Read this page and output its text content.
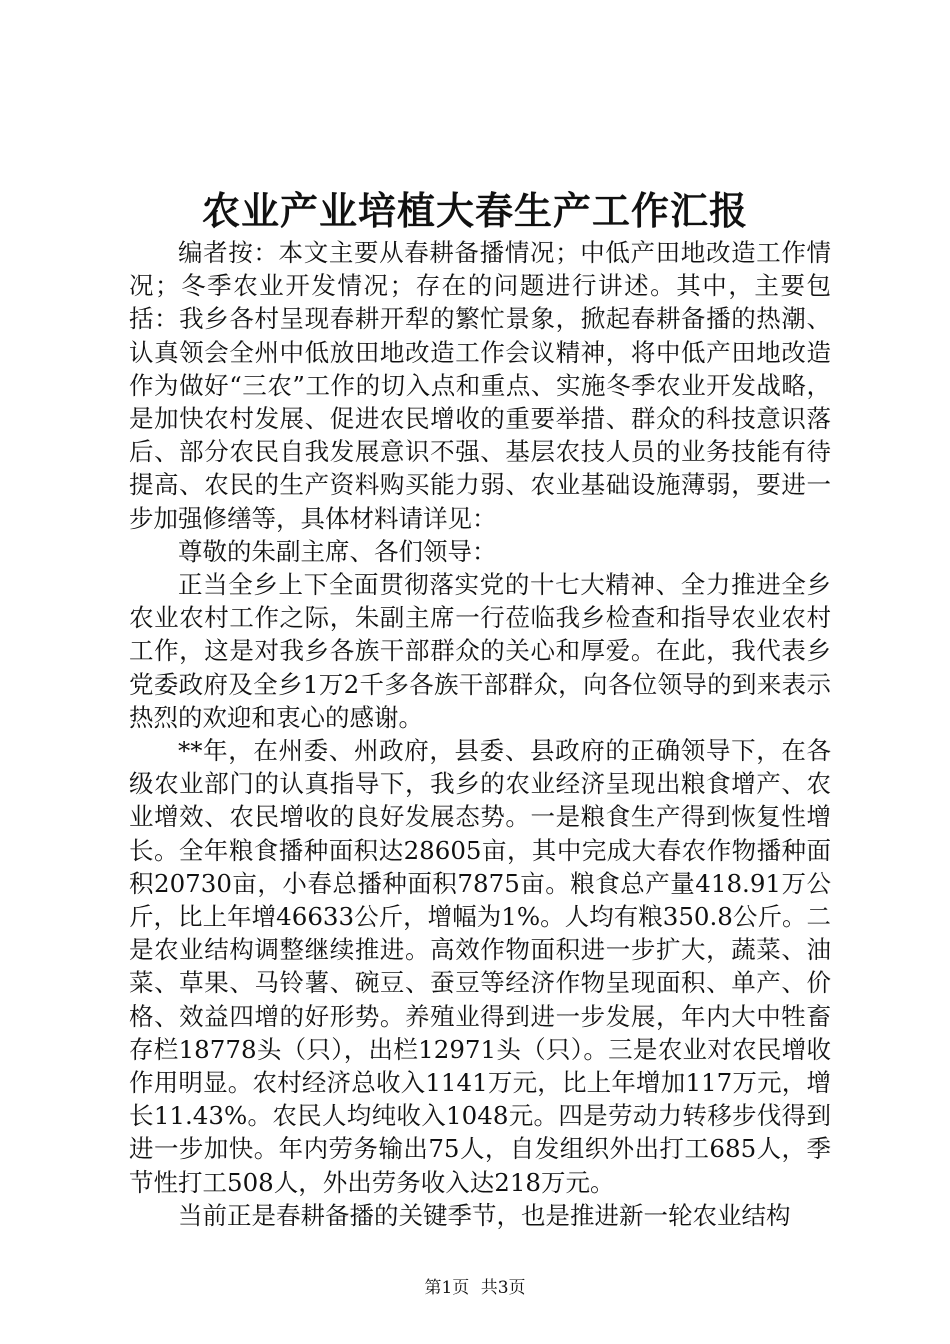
农业产业培植大春生产工作汇报

编者按：本文主要从春耕备播情况；中低产田地改造工作情况；冬季农业开发情况；存在的问题进行讲述。其中，主要包括：我乡各村呈现春耕开犁的繁忙景象，掀起春耕备播的热潮、认真领会全州中低放田地改造工作会议精神，将中低产田地改造作为做好“三农”工作的切入点和重点、实施冬季农业开发战略，是加快农村发展、促进农民增收的重要举措、群众的科技意识落后、部分农民自我发展意识不强、基层农技人员的业务技能有待提高、农民的生产资料购买能力弱、农业基础设施薄弱，要进一步加强修缮等，具体材料请详见：

尊敬的朱副主席、各们领导：

正当全乡上下全面贯彻落实党的十七大精神、全力推进全乡农业农村工作之际，朱副主席一行莅临我乡检查和指导农业农村工作，这是对我乡各族干部群众的关心和厚爱。在此，我代表乡党委政府及全乡1万2千多各族干部群众，向各位领导的到来表示热烈的欢迎和衷心的感谢。

**年，在州委、州政府，县委、县政府的正确领导下，在各级农业部门的认真指导下，我乡的农业经济呈现出粮食增产、农业增效、农民增收的良好发展态势。一是粮食生产得到恢复性增长。全年粮食播种面积达28605亩，其中完成大春农作物播种面积20730亩，小春总播种面积7875亩。粮食总产量418.91万公斤，比上年增46633公斤，增幅为1%。人均有粮350.8公斤。二是农业结构调整继续推进。高效作物面积进一步扩大，蔬菜、油菜、草果、马铃薯、碗豆、蚕豆等经济作物呈现面积、单产、价格、效益四增的好形势。养殖业得到进一步发展，年内大中牲畜存栏18778头（只），出栏12971头（只）。三是农业对农民增收作用明显。农村经济总收入1141万元，比上年增加117万元，增长11.43%。农民人均纯收入1048元。四是劳动力转移步伐得到进一步加快。年内劳务输出75人，自发组织外出打工685人，季节性打工508人，外出劳务收入达218万元。

当前正是春耕备播的关键季节，也是推进新一轮农业结构

第1页 共3页
